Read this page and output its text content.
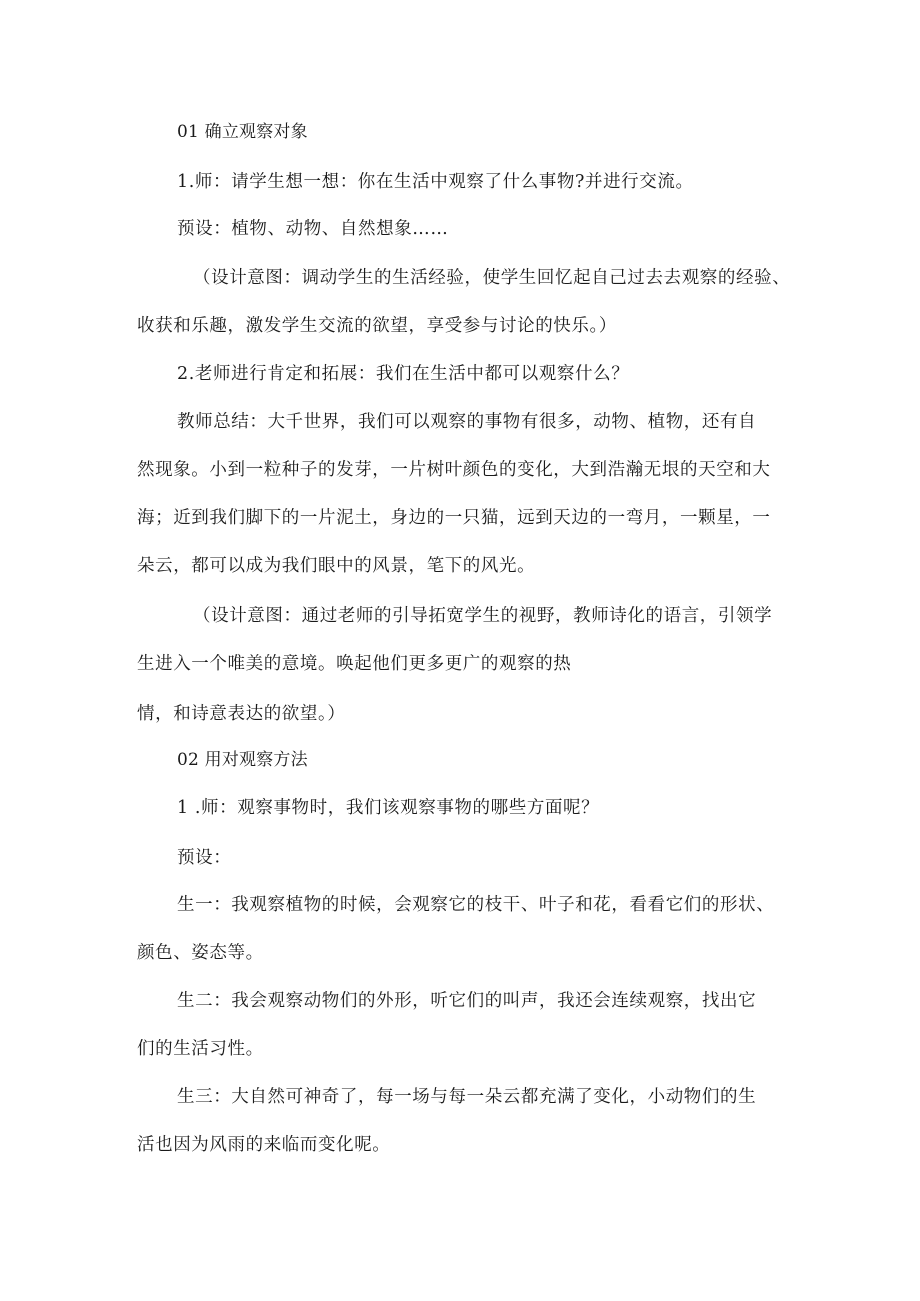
01 确立观察对象
1.师：请学生想一想：你在生活中观察了什么事物?并进行交流。
预设：植物、动物、自然想象……
（设计意图：调动学生的生活经验，使学生回忆起自己过去去观察的经验、
收获和乐趣，激发学生交流的欲望，享受参与讨论的快乐。）
2.老师进行肯定和拓展：我们在生活中都可以观察什么？
教师总结：大千世界，我们可以观察的事物有很多，动物、植物，还有自
然现象。小到一粒种子的发芽，一片树叶颜色的变化，大到浩瀚无垠的天空和大
海；近到我们脚下的一片泥土，身边的一只猫，远到天边的一弯月，一颗星，一
朵云，都可以成为我们眼中的风景，笔下的风光。
（设计意图：通过老师的引导拓宽学生的视野，教师诗化的语言，引领学
生进入一个唯美的意境。唤起他们更多更广的观察的热
情，和诗意表达的欲望。）
02 用对观察方法
1 .师：观察事物时，我们该观察事物的哪些方面呢？
预设：
生一：我观察植物的时候，会观察它的枝干、叶子和花，看看它们的形状、
颜色、姿态等。
生二：我会观察动物们的外形，听它们的叫声，我还会连续观察，找出它
们的生活习性。
生三：大自然可神奇了，每一场与每一朵云都充满了变化，小动物们的生
活也因为风雨的来临而变化呢。
